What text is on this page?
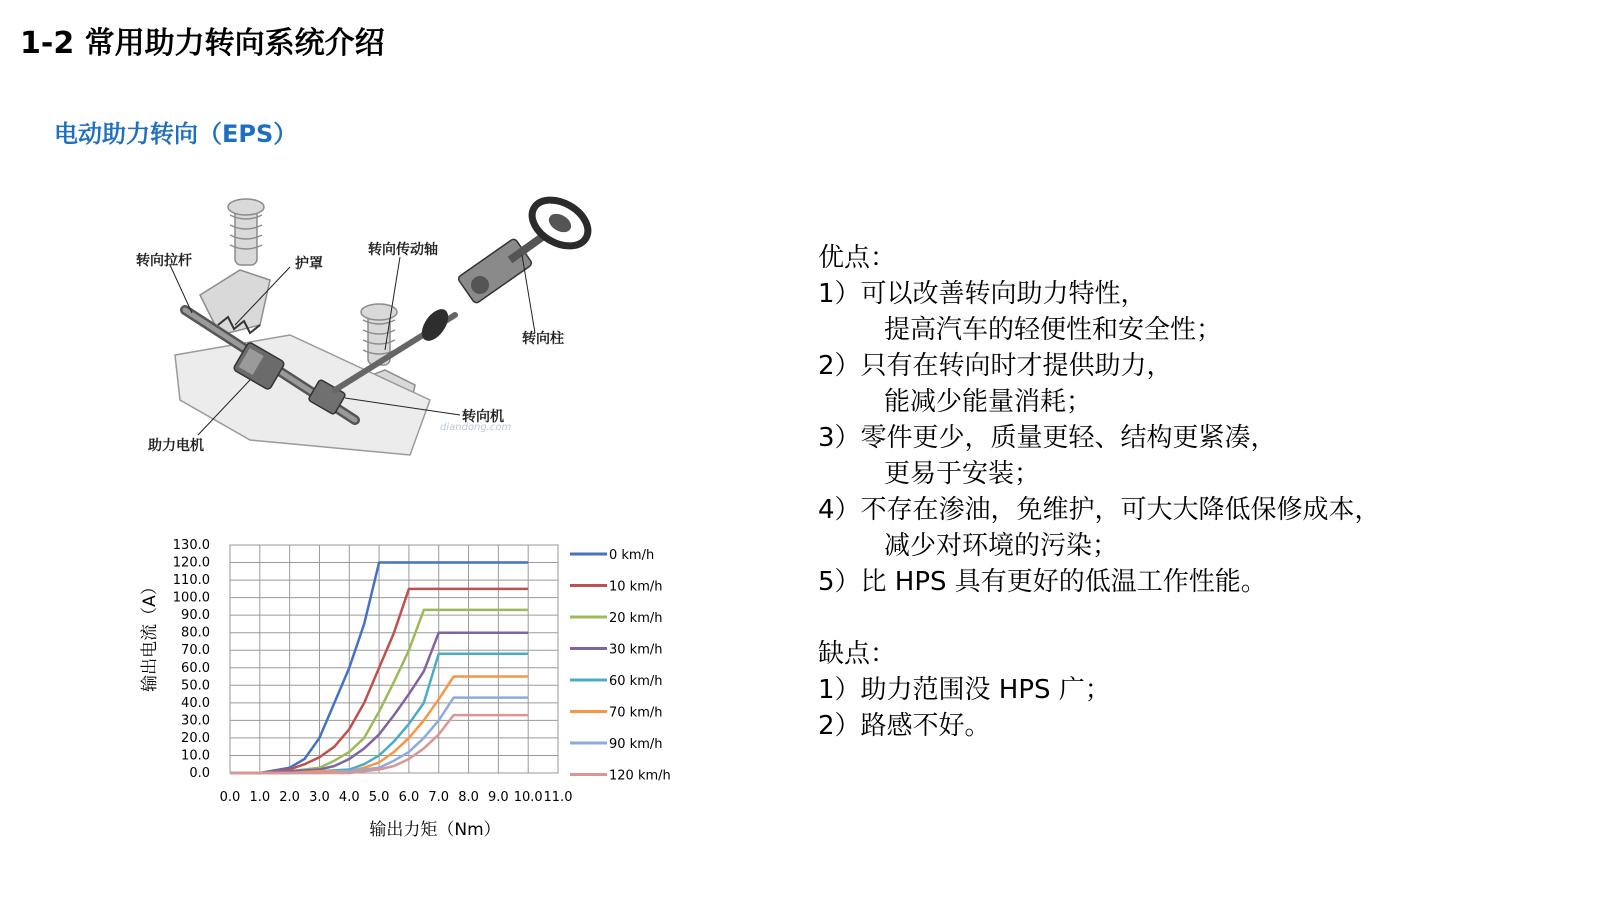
1-2 常用助力转向系统介绍
电动助力转向（EPS）
diandong.com
转向拉杆	护罩
转向传动轴
转向柱
转向机
助力电机
0.0
10.0
20.0
30.0
40.0
50.0
60.0
70.0
80.0
90.0
100.0
110.0
120.0
130.0
0.0 1.0 2.0 3.0 4.0 5.0 6.0 7.0 8.0 9.0 10.0 11.0
0 km/h
10 km/h
20 km/h
30 km/h
60 km/h
70 km/h
90 km/h
120 km/h
输出电流（A）
输出力矩（Nm）
优点：
1）可以改善转向助力特性，
提高汽车的轻便性和安全性；
2）只有在转向时才提供助力，
能减少能量消耗；
3）零件更少，质量更轻、结构更紧凑，
更易于安装；
4）不存在渗油，免维护，可大大降低保修成本，
减少对环境的污染；
5）比 HPS 具有更好的低温工作性能。
缺点：
1）助力范围没 HPS 广；
2）路感不好。
